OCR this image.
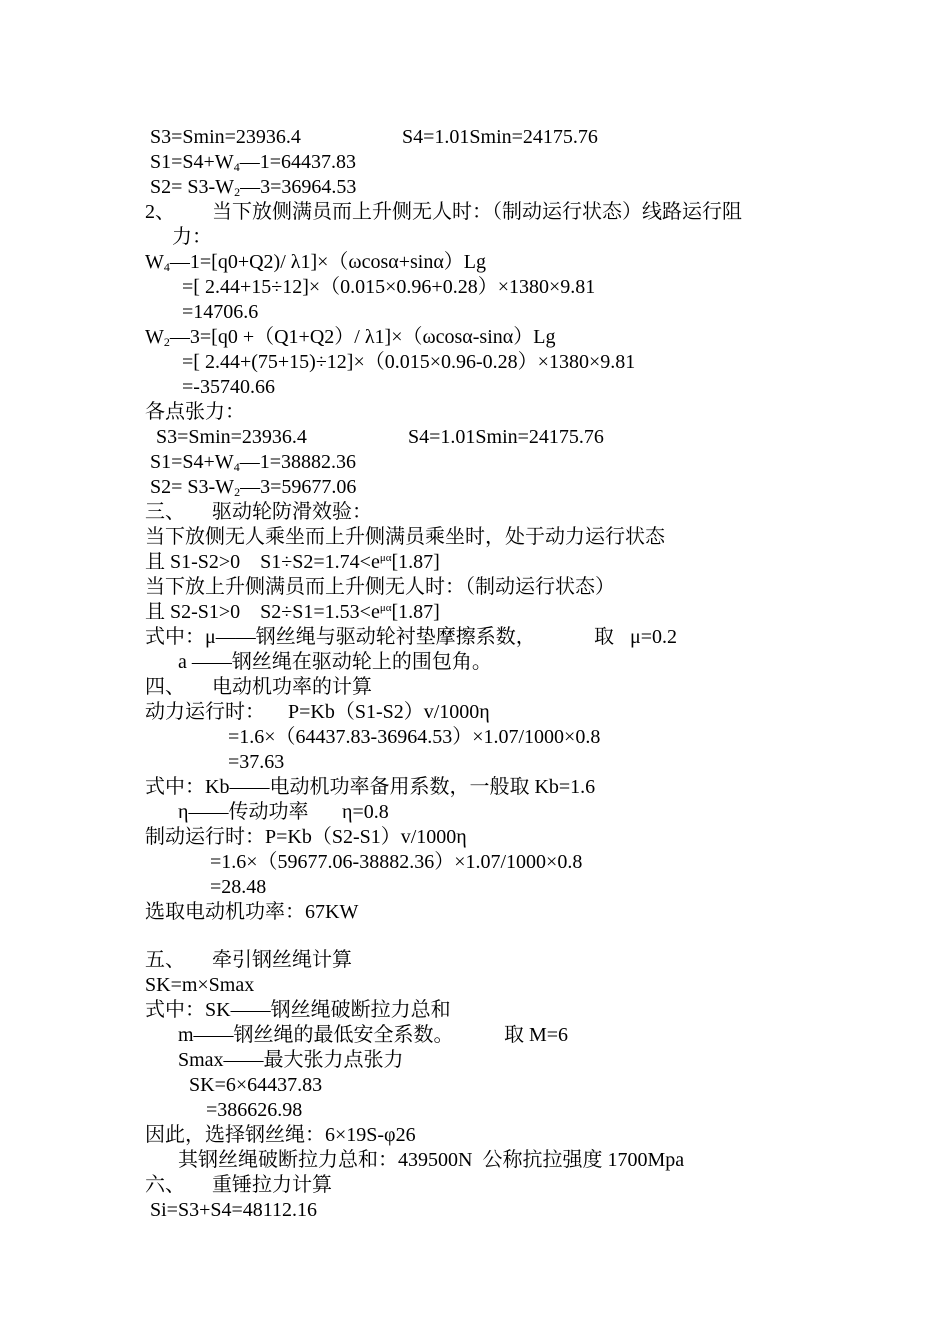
S3=Smin=23936.4	S4=1.01Smin=24175.76
$S1=S4+W_4—1=64437.83$
$S2= S3-W_2—3=36964.53$
2、 当下放侧满员而上升侧无人时：（制动运行状态）线路运行阻
力：
$W_4—1=[q0+Q2)/$ λ1]×（ωcosα+sinα）Lg
=[ 2.44+15÷12]×（0.015×0.96+0.28）×1380×9.81
=14706.6
$W_2—3=[q0 +(Q1+Q2)/$ λ1]×（ωcosα-sinα）Lg
=[ 2.44+(75+15)÷12]×（0.015×0.96-0.28）×1380×9.81
=-35740.66
各点张力：
S3=Smin=23936.4	S4=1.01Smin=24175.76
$S1=S4+W_4—1=38882.36$
$S2= S3-W_2—3=59677.06$
三、 驱动轮防滑效验：
当下放侧无人乘坐而上升侧满员乘坐时，处于动力运行状态
且 S1-S2>0    $S1\div S2=1.74<e^{\mu\alpha}[1.87]$
当下放上升侧满员而上升侧无人时：（制动运行状态）
且 S2-S1>0    $S2\div S1=1.53<e^{\mu\alpha}[1.87]$
式中：μ——钢丝绳与驱动轮衬垫摩擦系数，	取 μ=0.2
a ——钢丝绳在驱动轮上的围包角。
四、 电动机功率的计算
动力运行时： P=Kb（S1-S2）v/1000η
=1.6×（64437.83-36964.53）×1.07/1000×0.8
=37.63
式中：Kb——电动机功率备用系数，一般取 Kb=1.6
η——传动功率 η=0.8
制动运行时：P=Kb（S2-S1）v/1000η
=1.6×（59677.06-38882.36）×1.07/1000×0.8
=28.48
选取电动机功率：67KW
五、 牵引钢丝绳计算
SK=m×Smax
式中：SK——钢丝绳破断拉力总和
m——钢丝绳的最低安全系数。	取 M=6
Smax——最大张力点张力
SK=6×64437.83
=386626.98
因此，选择钢丝绳：6×19S-φ26
其钢丝绳破断拉力总和：439500N  公称抗拉强度 1700Mpa
六、 重锤拉力计算
Si=S3+S4=48112.16
